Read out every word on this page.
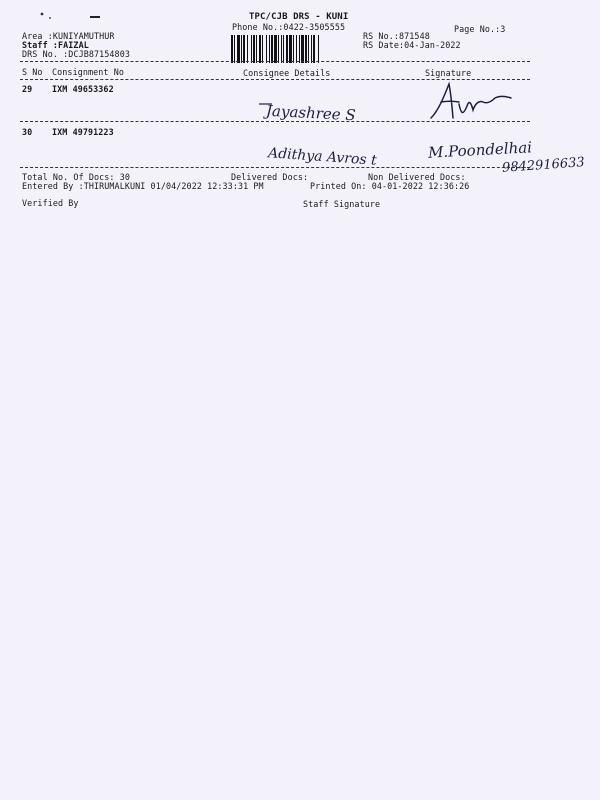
TPC/CJB DRS - KUNI
Phone No.:0422-3505555	Page No.:3
Area :KUNIYAMUTHUR
Staff :FAIZAL
DRS No. :DCJB87154803
RS No.:871548
RS Date:04-Jan-2022
S No Consignment No	Consignee Details	Signature
29 IXM 49653362
Jayashree S
30 IXM 49791223
Adithya Avros t	M.Poondelhai
9842916633
Total No. Of Docs: 30	Delivered Docs:	Non Delivered Docs:
Entered By :THIRUMALKUNI 01/04/2022 12:33:31 PM	Printed On: 04-01-2022 12:36:26
Verified By	Staff Signature
